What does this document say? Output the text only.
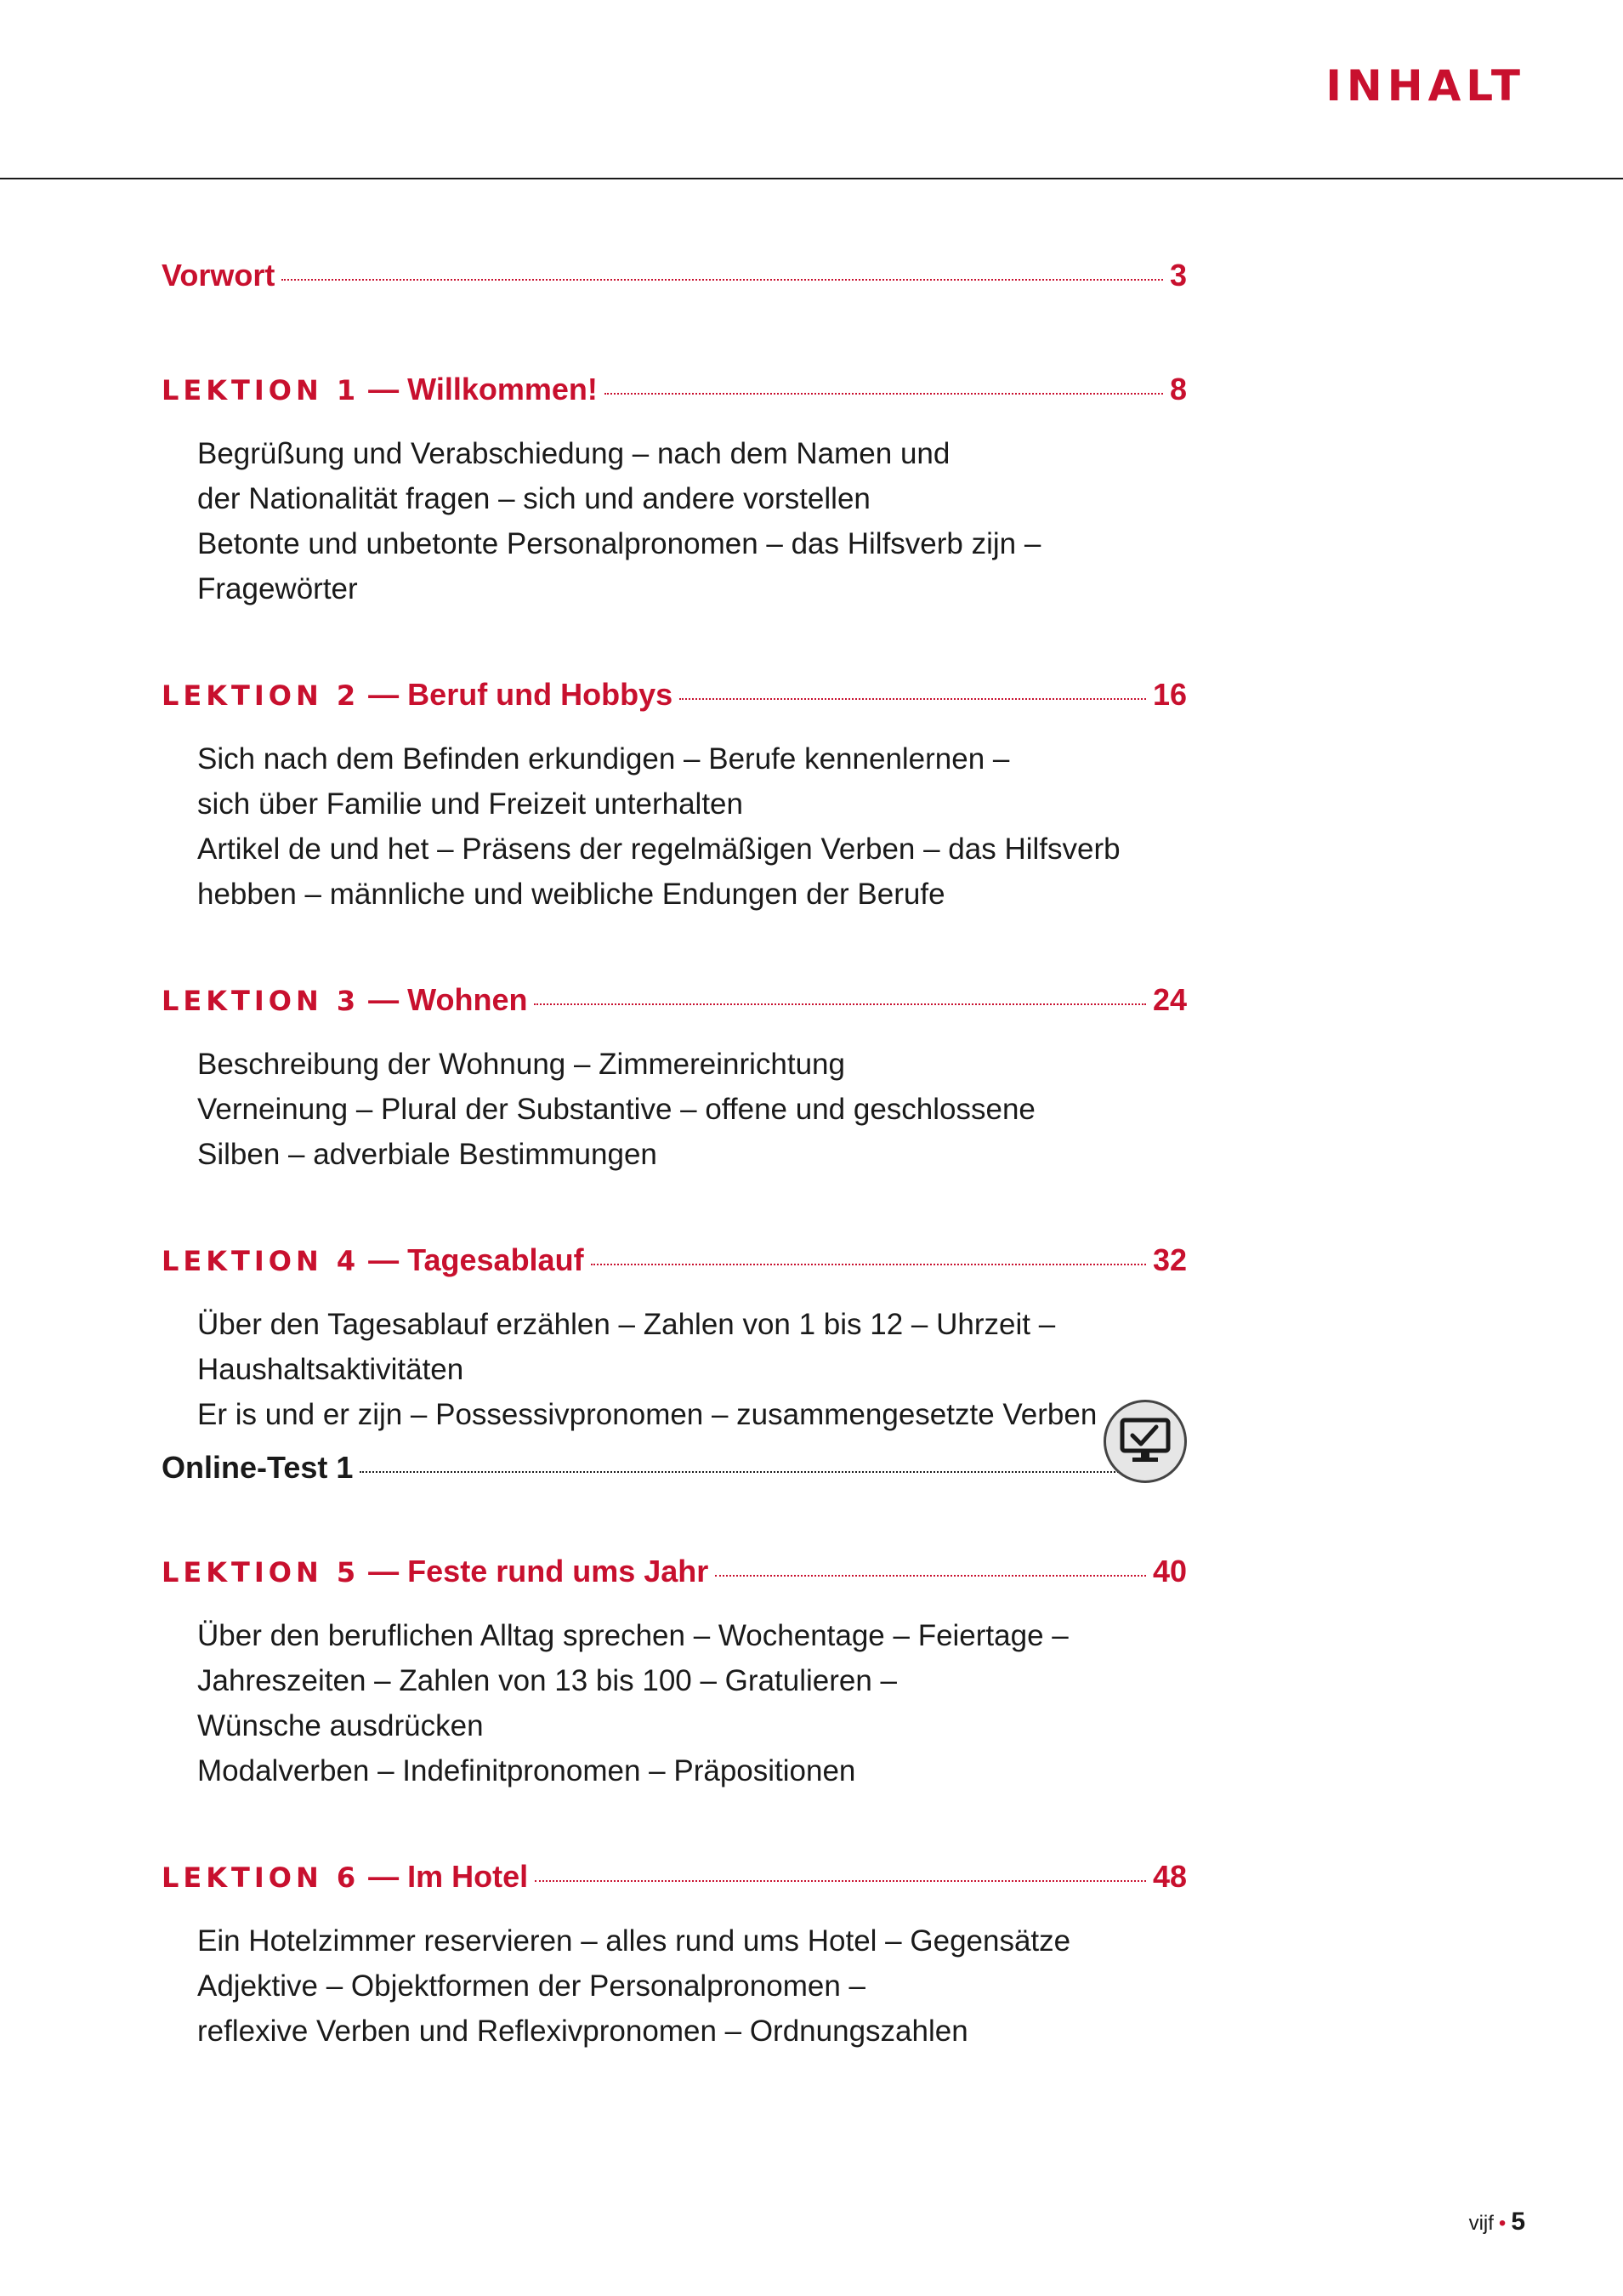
INHALT
Vorwort	3
LEKTION 1 — Willkommen!	8

Begrüßung und Verabschiedung – nach dem Namen und

der Nationalität fragen – sich und andere vorstellen

Betonte und unbetonte Personalpronomen – das Hilfsverb zijn –

Fragewörter

LEKTION 2 — Beruf und Hobbys	16

Sich nach dem Befinden erkundigen – Berufe kennenlernen –

sich über Familie und Freizeit unterhalten

Artikel de und het – Präsens der regelmäßigen Verben – das Hilfsverb

hebben – männliche und weibliche Endungen der Berufe

LEKTION 3 — Wohnen	24

Beschreibung der Wohnung – Zimmereinrichtung

Verneinung – Plural der Substantive – offene und geschlossene

Silben – adverbiale Bestimmungen

LEKTION 4 — Tagesablauf	32

Über den Tagesablauf erzählen – Zahlen von 1 bis 12 – Uhrzeit –

Haushaltsaktivitäten

Er is und er zijn – Possessivpronomen – zusammengesetzte Verben

Online-Test 1
LEKTION 5 — Feste rund ums Jahr	40

Über den beruflichen Alltag sprechen – Wochentage – Feiertage –

Jahreszeiten – Zahlen von 13 bis 100 – Gratulieren –

Wünsche ausdrücken

Modalverben – Indefinitpronomen – Präpositionen

LEKTION 6 — Im Hotel	48

Ein Hotelzimmer reservieren – alles rund ums Hotel – Gegensätze

Adjektive – Objektformen der Personalpronomen –

reflexive Verben und Reflexivpronomen – Ordnungszahlen

vijf • 5
